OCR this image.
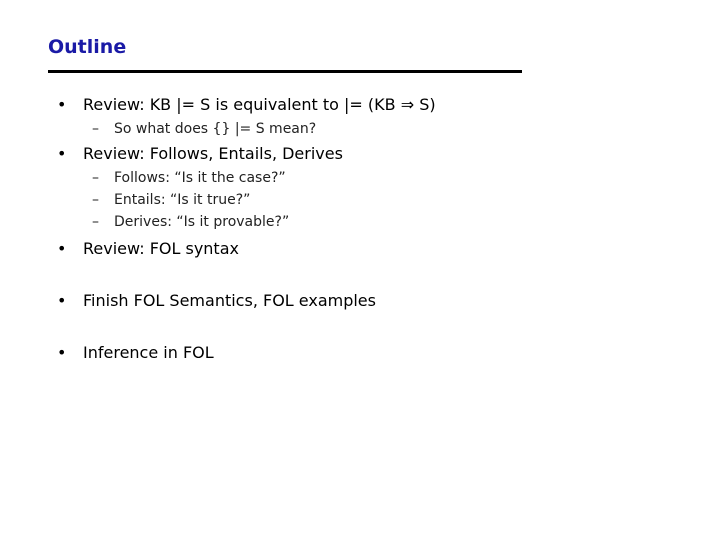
Outline
• Review: KB |= S is equivalent to |= (KB ⇒ S)
– So what does {} |= S mean?
• Review: Follows, Entails, Derives
– Follows: “Is it the case?”
– Entails: “Is it true?”
– Derives: “Is it provable?”
• Review: FOL syntax
• Finish FOL Semantics, FOL examples
• Inference in FOL
